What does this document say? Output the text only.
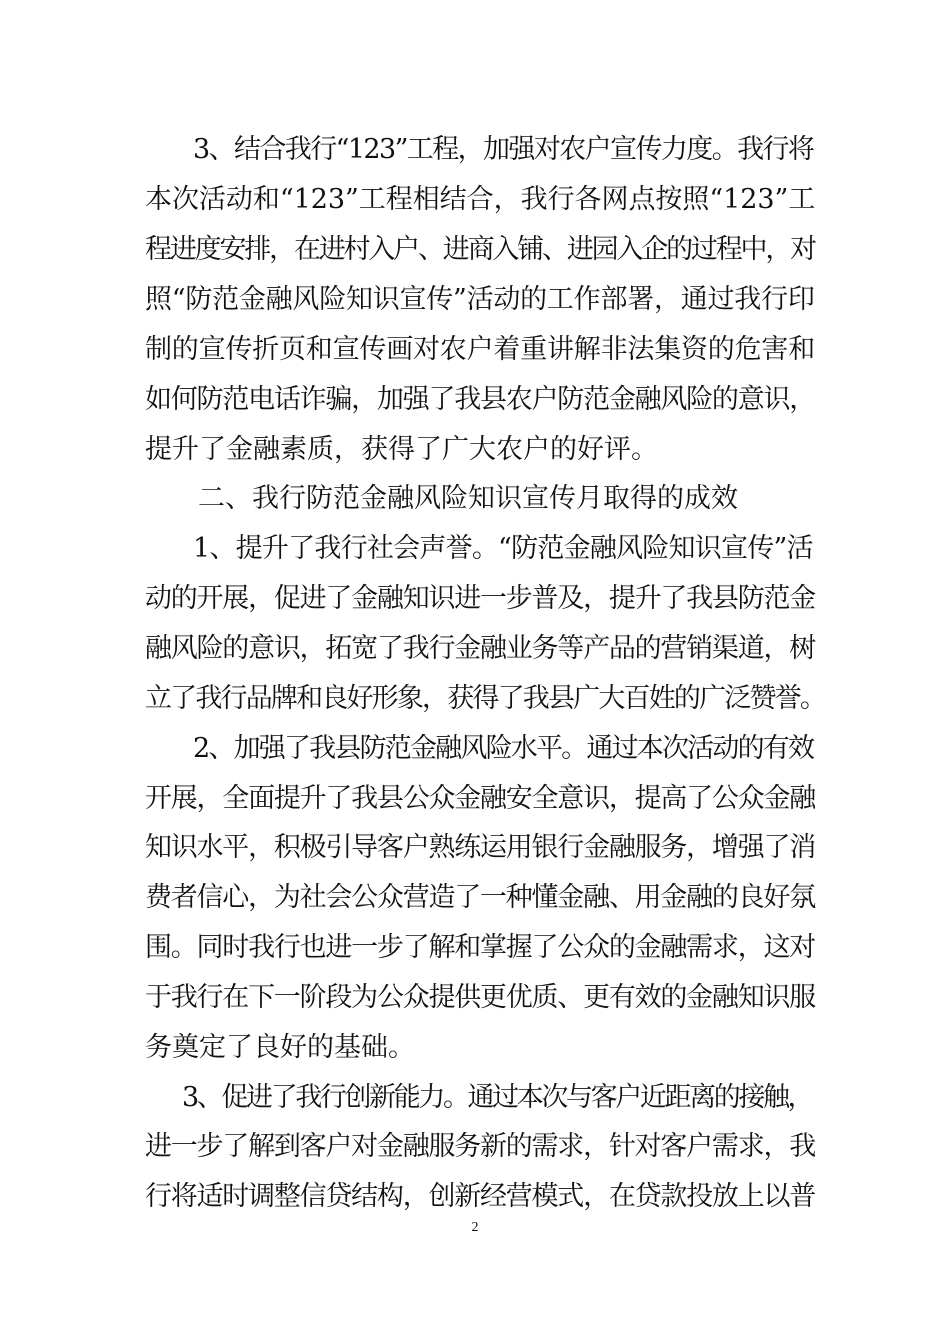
3、结合我行“123”工程，加强对农户宣传力度。我行将
本次活动和“123”工程相结合，我行各网点按照“123”工
程进度安排，在进村入户、进商入铺、进园入企的过程中，对
照“防范金融风险知识宣传”活动的工作部署，通过我行印
制的宣传折页和宣传画对农户着重讲解非法集资的危害和
如何防范电话诈骗，加强了我县农户防范金融风险的意识，
提升了金融素质，获得了广大农户的好评。
二、我行防范金融风险知识宣传月取得的成效
1、提升了我行社会声誉。“防范金融风险知识宣传”活
动的开展，促进了金融知识进一步普及，提升了我县防范金
融风险的意识，拓宽了我行金融业务等产品的营销渠道，树
立了我行品牌和良好形象，获得了我县广大百姓的广泛赞誉。
2、加强了我县防范金融风险水平。通过本次活动的有效
开展，全面提升了我县公众金融安全意识，提高了公众金融
知识水平，积极引导客户熟练运用银行金融服务，增强了消
费者信心，为社会公众营造了一种懂金融、用金融的良好氛
围。同时我行也进一步了解和掌握了公众的金融需求，这对
于我行在下一阶段为公众提供更优质、更有效的金融知识服
务奠定了良好的基础。
3、促进了我行创新能力。通过本次与客户近距离的接触，
进一步了解到客户对金融服务新的需求，针对客户需求，我
行将适时调整信贷结构，创新经营模式，在贷款投放上以普
2
